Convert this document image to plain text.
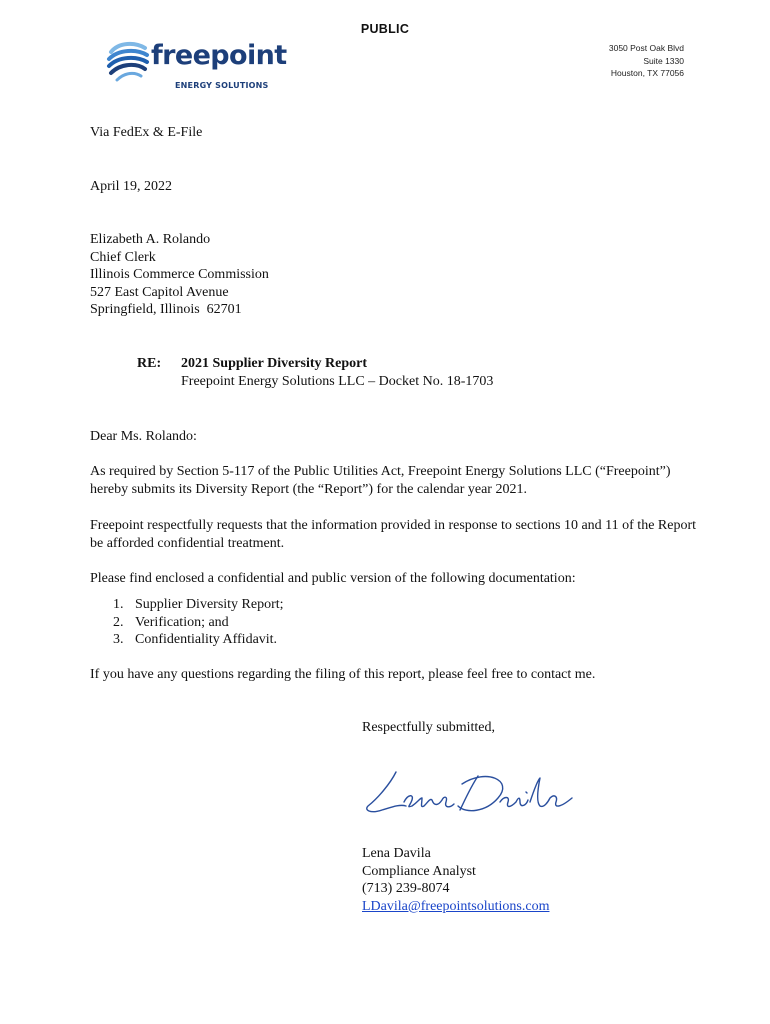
PUBLIC
freepoint
ENERGY SOLUTIONS
3050 Post Oak Blvd
Suite 1330
Houston, TX 77056
Via FedEx & E-File
April 19, 2022
Elizabeth A. Rolando
Chief Clerk
Illinois Commerce Commission
527 East Capitol Avenue
Springfield, Illinois  62701
RE: 2021 Supplier Diversity Report
Freepoint Energy Solutions LLC – Docket No. 18-1703
Dear Ms. Rolando:
As required by Section 5-117 of the Public Utilities Act, Freepoint Energy Solutions LLC (“Freepoint”) hereby submits its Diversity Report (the “Report”) for the calendar year 2021.
Freepoint respectfully requests that the information provided in response to sections 10 and 11 of the Report be afforded confidential treatment.
Please find enclosed a confidential and public version of the following documentation:
1. Supplier Diversity Report;
2. Verification; and
3. Confidentiality Affidavit.
If you have any questions regarding the filing of this report, please feel free to contact me.
Respectfully submitted,
Lena Davila
Compliance Analyst
(713) 239-8074
LDavila@freepointsolutions.com
